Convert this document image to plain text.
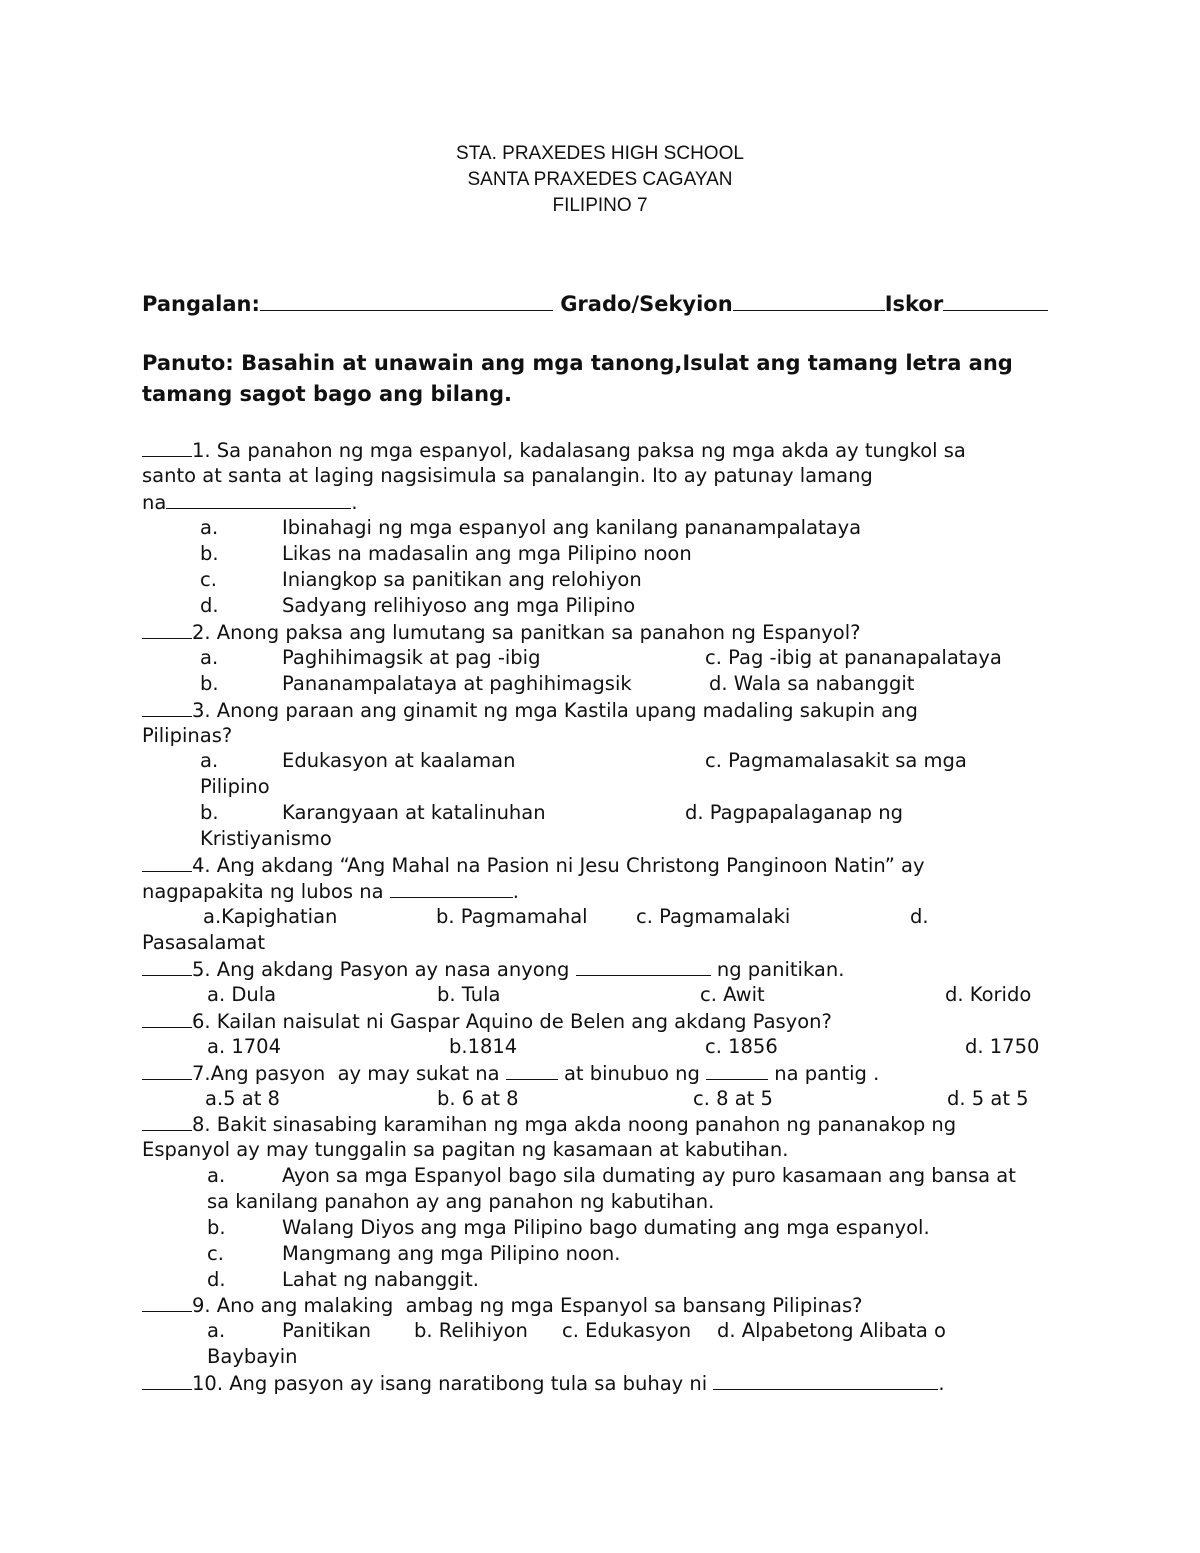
STA. PRAXEDES HIGH SCHOOL
SANTA PRAXEDES CAGAYAN
FILIPINO 7
Pangalan:	Grado/Sekyion	Iskor
Panuto: Basahin at unawain ang mga tanong,Isulat ang tamang letra ang
tamang sagot bago ang bilang.
1. Sa panahon ng mga espanyol, kadalasang paksa ng mga akda ay tungkol sa
santo at santa at laging nagsisimula sa panalangin. Ito ay patunay lamang
na	.
a.	Ibinahagi ng mga espanyol ang kanilang pananampalataya
b.	Likas na madasalin ang mga Pilipino noon
c.	Iniangkop sa panitikan ang relohiyon
d.	Sadyang relihiyoso ang mga Pilipino
2. Anong paksa ang lumutang sa panitkan sa panahon ng Espanyol?
a.	Paghihimagsik at pag -ibig	c. Pag -ibig at pananapalataya
b.	Pananampalataya at paghihimagsik	d. Wala sa nabanggit
3. Anong paraan ang ginamit ng mga Kastila upang madaling sakupin ang
Pilipinas?
a.	Edukasyon at kaalaman	c. Pagmamalasakit sa mga
Pilipino
b.	Karangyaan at katalinuhan	d. Pagpapalaganap ng
Kristiyanismo
4. Ang akdang “Ang Mahal na Pasion ni Jesu Christong Panginoon Natin” ay
nagpapakita ng lubos na	.
a.Kapighatian	b. Pagmamahal c. Pagmamalaki	d.
Pasasalamat
5. Ang akdang Pasyon ay nasa anyong	ng panitikan.
a. Dula	b. Tula	c. Awit	d. Korido
6. Kailan naisulat ni Gaspar Aquino de Belen ang akdang Pasyon?
a. 1704	b.1814	c. 1856	d. 1750
7.Ang pasyon  ay may sukat na	at binubuo ng	na pantig .
a.5 at 8	b. 6 at 8	c. 8 at 5	d. 5 at 5
8. Bakit sinasabing karamihan ng mga akda noong panahon ng pananakop ng
Espanyol ay may tunggalin sa pagitan ng kasamaan at kabutihan.
a.	Ayon sa mga Espanyol bago sila dumating ay puro kasamaan ang bansa at
sa kanilang panahon ay ang panahon ng kabutihan.
b.	Walang Diyos ang mga Pilipino bago dumating ang mga espanyol.
c.	Mangmang ang mga Pilipino noon.
d.	Lahat ng nabanggit.
9. Ano ang malaking  ambag ng mga Espanyol sa bansang Pilipinas?
a.	Panitikan b. Relihiyon c. Edukasyon d. Alpabetong Alibata o
Baybayin
10. Ang pasyon ay isang naratibong tula sa buhay ni	.
